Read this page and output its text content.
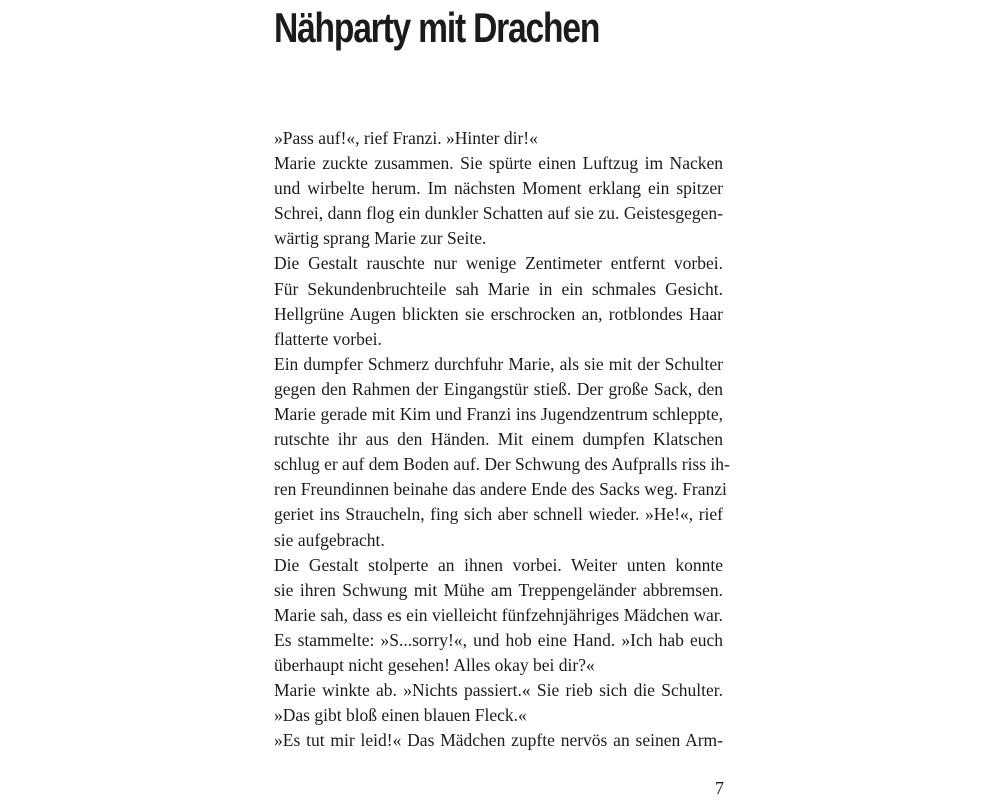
Nähparty mit Drachen
»Pass auf!«, rief Franzi. »Hinter dir!«
Marie zuckte zusammen. Sie spürte einen Luftzug im Nacken
und wirbelte herum. Im nächsten Moment erklang ein spitzer
Schrei, dann flog ein dunkler Schatten auf sie zu. Geistesgegen-
wärtig sprang Marie zur Seite.
Die Gestalt rauschte nur wenige Zentimeter entfernt vorbei.
Für Sekundenbruchteile sah Marie in ein schmales Gesicht.
Hellgrüne Augen blickten sie erschrocken an, rotblondes Haar
flatterte vorbei.
Ein dumpfer Schmerz durchfuhr Marie, als sie mit der Schulter
gegen den Rahmen der Eingangstür stieß. Der große Sack, den
Marie gerade mit Kim und Franzi ins Jugendzentrum schleppte,
rutschte ihr aus den Händen. Mit einem dumpfen Klatschen
schlug er auf dem Boden auf. Der Schwung des Aufpralls riss ih-
ren Freundinnen beinahe das andere Ende des Sacks weg. Franzi
geriet ins Straucheln, fing sich aber schnell wieder. »He!«, rief
sie aufgebracht.
Die Gestalt stolperte an ihnen vorbei. Weiter unten konnte
sie ihren Schwung mit Mühe am Treppengeländer abbremsen.
Marie sah, dass es ein vielleicht fünfzehnjähriges Mädchen war.
Es stammelte: »S...sorry!«, und hob eine Hand. »Ich hab euch
überhaupt nicht gesehen! Alles okay bei dir?«
Marie winkte ab. »Nichts passiert.« Sie rieb sich die Schulter.
»Das gibt bloß einen blauen Fleck.«
»Es tut mir leid!« Das Mädchen zupfte nervös an seinen Arm-
7
